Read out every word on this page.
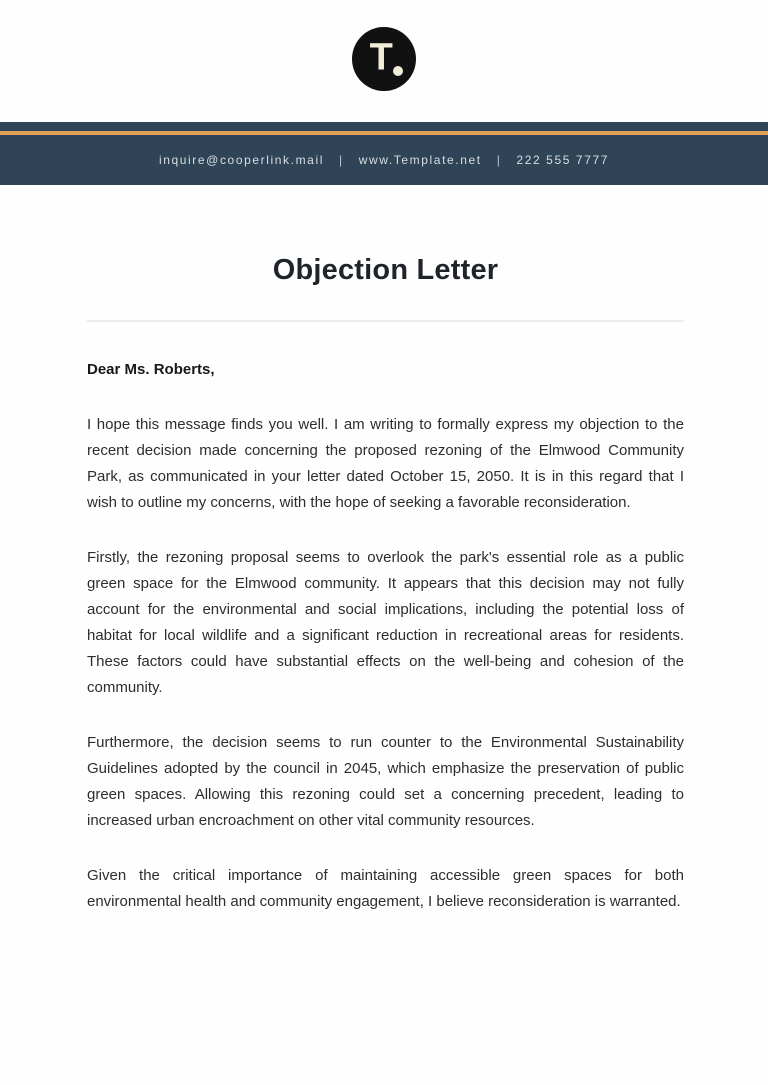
T
inquire@cooperlink.mail | www.Template.net | 222 555 7777
Objection Letter

Dear Ms. Roberts,

I hope this message finds you well. I am writing to formally express my objection to the recent decision made concerning the proposed rezoning of the Elmwood Community Park, as communicated in your letter dated October 15, 2050. It is in this regard that I wish to outline my concerns, with the hope of seeking a favorable reconsideration.

Firstly, the rezoning proposal seems to overlook the park's essential role as a public green space for the Elmwood community. It appears that this decision may not fully account for the environmental and social implications, including the potential loss of habitat for local wildlife and a significant reduction in recreational areas for residents. These factors could have substantial effects on the well-being and cohesion of the community.

Furthermore, the decision seems to run counter to the Environmental Sustainability Guidelines adopted by the council in 2045, which emphasize the preservation of public green spaces. Allowing this rezoning could set a concerning precedent, leading to increased urban encroachment on other vital community resources.

Given the critical importance of maintaining accessible green spaces for both environmental health and community engagement, I believe reconsideration is warranted.
